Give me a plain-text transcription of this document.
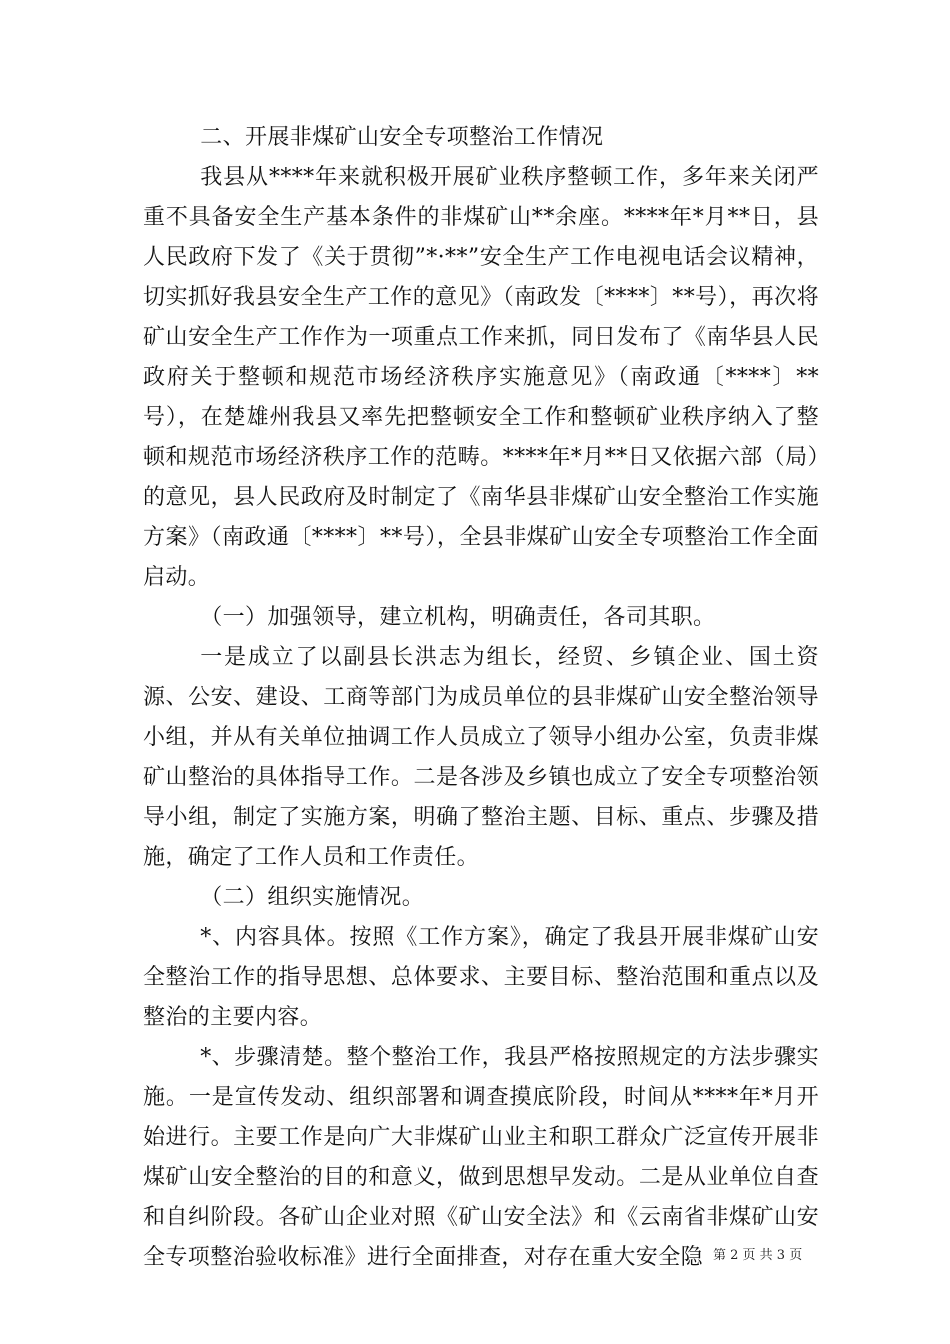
二、开展非煤矿山安全专项整治工作情况

我县从****年来就积极开展矿业秩序整顿工作，多年来关闭严重不具备安全生产基本条件的非煤矿山**余座。****年*月**日，县人民政府下发了《关于贯彻”*·**”安全生产工作电视电话会议精神，切实抓好我县安全生产工作的意见》（南政发〔****〕**号），再次将矿山安全生产工作作为一项重点工作来抓，同日发布了《南华县人民政府关于整顿和规范市场经济秩序实施意见》（南政通〔****〕**号），在楚雄州我县又率先把整顿安全工作和整顿矿业秩序纳入了整顿和规范市场经济秩序工作的范畴。****年*月**日又依据六部（局）的意见，县人民政府及时制定了《南华县非煤矿山安全整治工作实施方案》（南政通〔****〕**号），全县非煤矿山安全专项整治工作全面启动。

（一）加强领导，建立机构，明确责任，各司其职。

一是成立了以副县长洪志为组长，经贸、乡镇企业、国土资源、公安、建设、工商等部门为成员单位的县非煤矿山安全整治领导小组，并从有关单位抽调工作人员成立了领导小组办公室，负责非煤矿山整治的具体指导工作。二是各涉及乡镇也成立了安全专项整治领导小组，制定了实施方案，明确了整治主题、目标、重点、步骤及措施，确定了工作人员和工作责任。

（二）组织实施情况。

*、内容具体。按照《工作方案》，确定了我县开展非煤矿山安全整治工作的指导思想、总体要求、主要目标、整治范围和重点以及整治的主要内容。

*、步骤清楚。整个整治工作，我县严格按照规定的方法步骤实施。一是宣传发动、组织部署和调查摸底阶段，时间从****年*月开始进行。主要工作是向广大非煤矿山业主和职工群众广泛宣传开展非煤矿山安全整治的目的和意义，做到思想早发动。二是从业单位自查和自纠阶段。各矿山企业对照《矿山安全法》和《云南省非煤矿山安全专项整治验收标准》进行全面排查，对存在重大安全隐 第 2 页 共 3 页
